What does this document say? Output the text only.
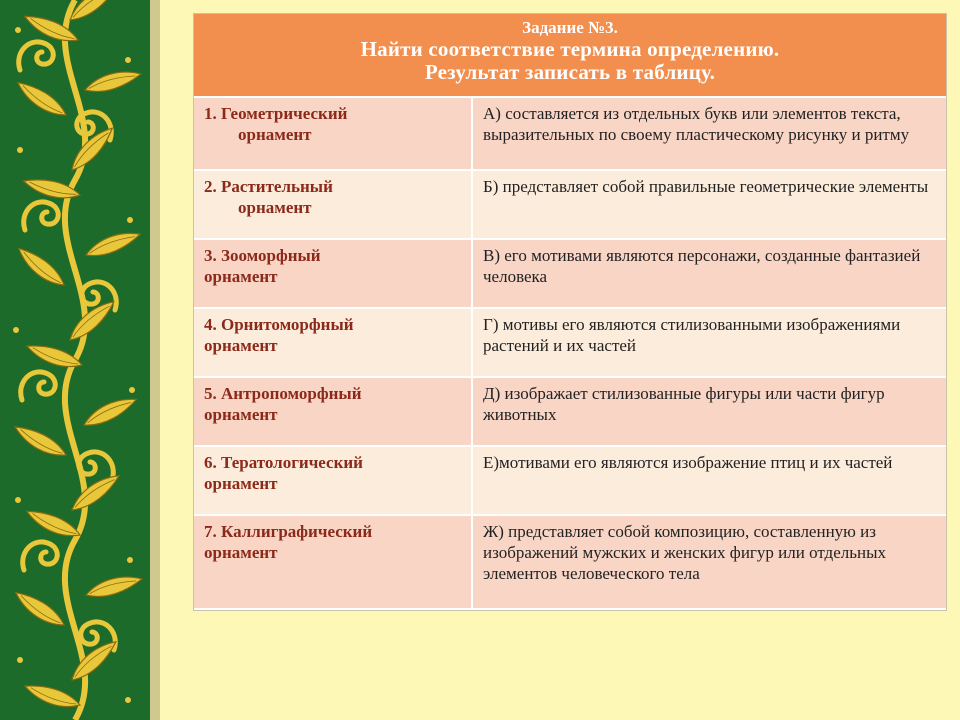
Задание №3.
Найти соответствие термина определению.
Результат записать в таблицу.
1. Геометрический
орнамент	А) составляется из отдельных букв или элементов текста, выразительных по своему пластическому рисунку и ритму
2. Растительный
орнамент	Б) представляет собой правильные геометрические элементы
3. Зооморфный
орнамент	В) его мотивами являются персонажи, созданные фантазией человека
4. Орнитоморфный
орнамент	Г) мотивы его являются стилизованными изображениями растений и их частей
5. Антропоморфный
орнамент	Д) изображает стилизованные фигуры или части фигур животных
6. Тератологический
орнамент	Е)мотивами его являются изображение птиц и их частей
7. Каллиграфический
орнамент	Ж) представляет собой композицию, составленную из изображений мужских и женских фигур или отдельных элементов человеческого тела
